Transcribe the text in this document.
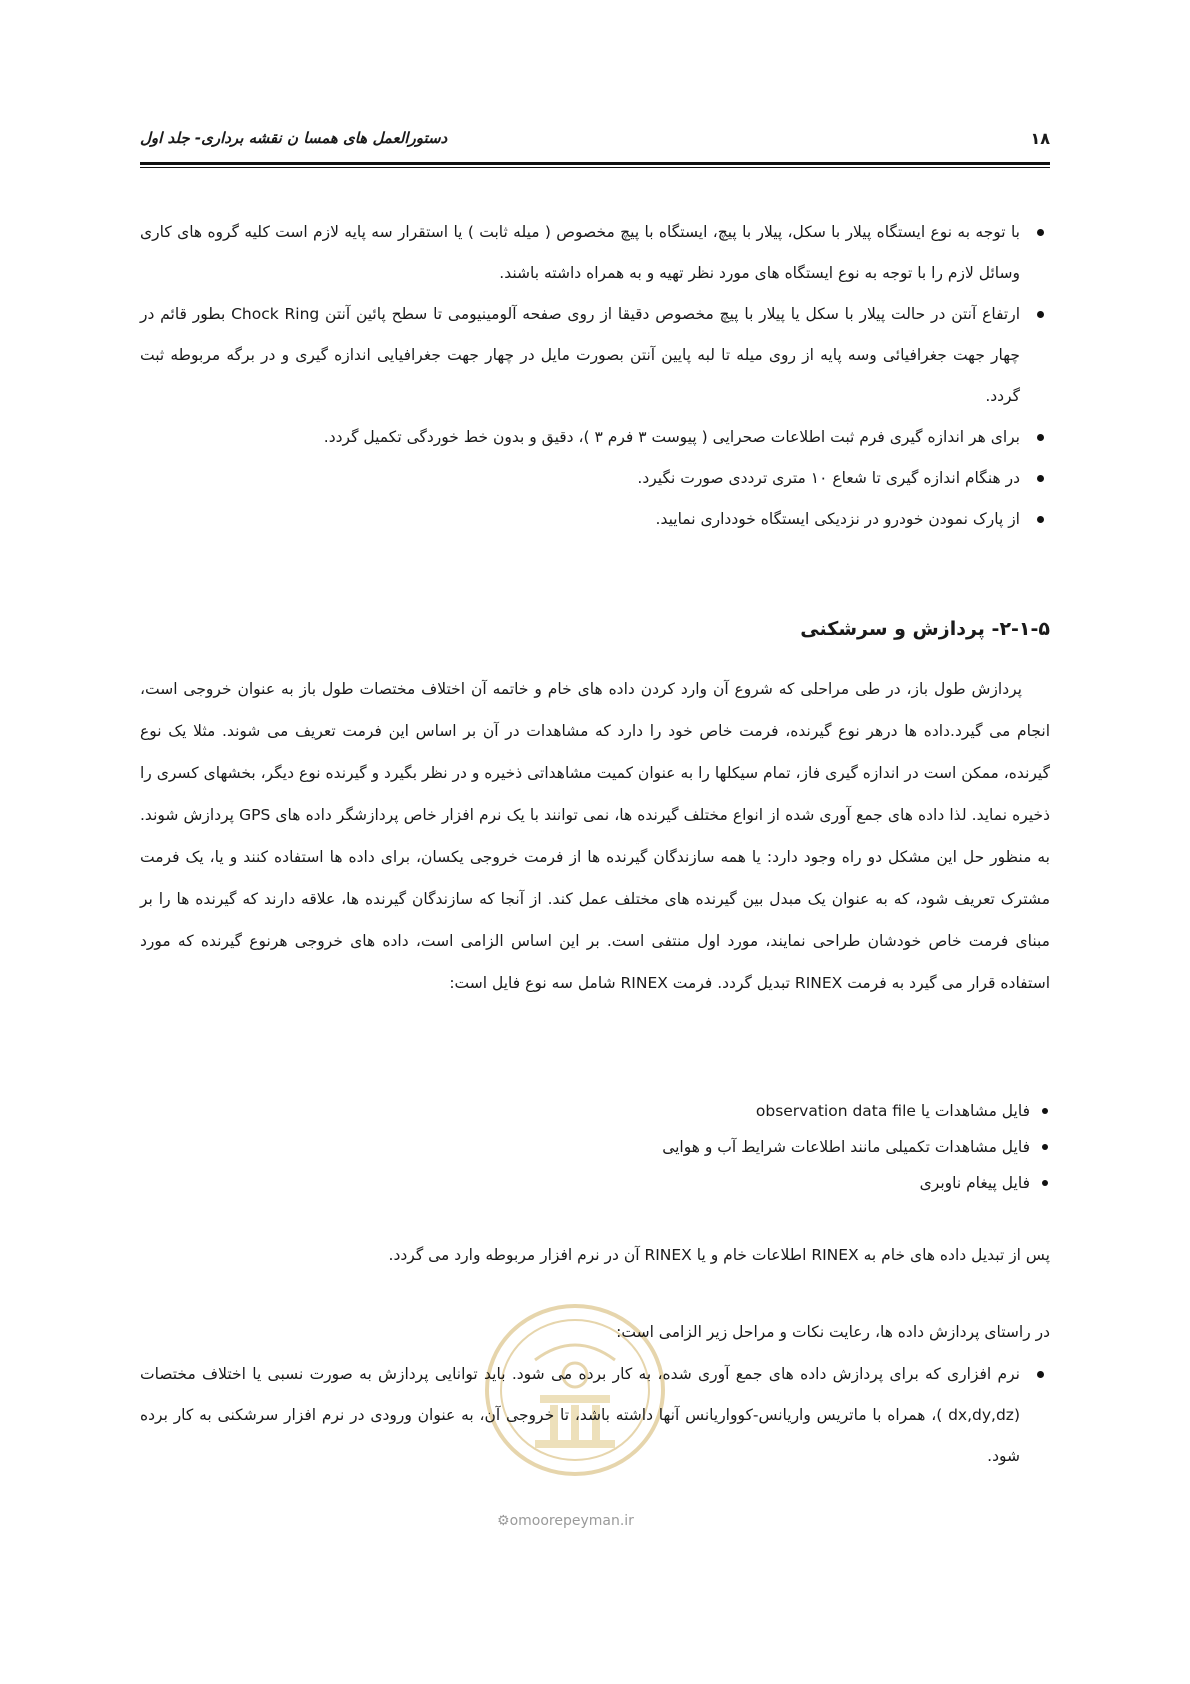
دستورالعمل های همسا ن نقشه برداری- جلد اول	۱۸
با توجه به نوع ایستگاه پیلار با سکل، پیلار با پیچ، ایستگاه با پیچ مخصوص ( میله ثابت ) یا استقرار سه پایه لازم است کلیه گروه های کاری وسائل لازم را با توجه به نوع ایستگاه های مورد نظر تهیه و به همراه داشته باشند.
ارتفاع آنتن در حالت پیلار با سکل یا پیلار با پیچ مخصوص دقیقا از روی صفحه آلومینیومی تا سطح پائین آنتن Chock Ring بطور قائم در چهار جهت جغرافیائی وسه پایه از روی میله تا لبه پایین آنتن بصورت مایل در چهار جهت جغرافیایی اندازه گیری و در برگه مربوطه ثبت گردد.
برای هر اندازه گیری فرم ثبت اطلاعات صحرایی ( پیوست ۳ فرم ۳ )، دقیق و بدون خط خوردگی تکمیل گردد.
در هنگام اندازه گیری تا شعاع ۱۰ متری ترددی صورت نگیرد.
از پارک نمودن خودرو در نزدیکی ایستگاه خودداری نمایید.
۲-۱-۵- پردازش و سرشکنی

پردازش طول باز، در طی مراحلی که شروع آن وارد کردن داده های خام و خاتمه آن اختلاف مختصات طول باز به عنوان خروجی است، انجام می گیرد.داده ها درهر نوع گیرنده، فرمت خاص خود را دارد که مشاهدات در آن بر اساس این فرمت تعریف می شوند. مثلا یک نوع گیرنده، ممکن است در اندازه گیری فاز، تمام سیکلها را به عنوان کمیت مشاهداتی ذخیره و در نظر بگیرد و گیرنده نوع دیگر، بخشهای کسری را ذخیره نماید. لذا داده های جمع آوری شده از انواع مختلف گیرنده ها، نمی توانند با یک نرم افزار خاص پردازشگر داده های GPS پردازش شوند. به منظور حل این مشکل دو راه وجود دارد: یا همه سازندگان گیرنده ها از فرمت خروجی یکسان، برای داده ها استفاده کنند و یا، یک فرمت مشترک تعریف شود، که به عنوان یک مبدل بین گیرنده های مختلف عمل کند. از آنجا که سازندگان گیرنده ها، علاقه دارند که گیرنده ها را بر مبنای فرمت خاص خودشان طراحی نمایند، مورد اول منتفی است. بر این اساس الزامی است، داده های خروجی هرنوع گیرنده که مورد استفاده قرار می گیرد به فرمت RINEX تبدیل گردد. فرمت RINEX شامل سه نوع فایل است:

فایل مشاهدات یا observation data file
فایل مشاهدات تکمیلی مانند اطلاعات شرایط آب و هوایی
فایل پیغام ناوبری

پس از تبدیل داده های خام به RINEX اطلاعات خام و یا RINEX آن در نرم افزار مربوطه وارد می گردد.

در راستای پردازش داده ها، رعایت نکات و مراحل زیر الزامی است:

نرم افزاری که برای پردازش داده های جمع آوری شده، به کار برده می شود. باید توانایی پردازش به صورت نسبی یا اختلاف مختصات (dx,dy,dz )، همراه با ماتریس واریانس-کوواریانس آنها داشته باشد، تا خروجی آن، به عنوان ورودی در نرم افزار سرشکنی به کار برده شود.
⚙omoorepeyman.ir
